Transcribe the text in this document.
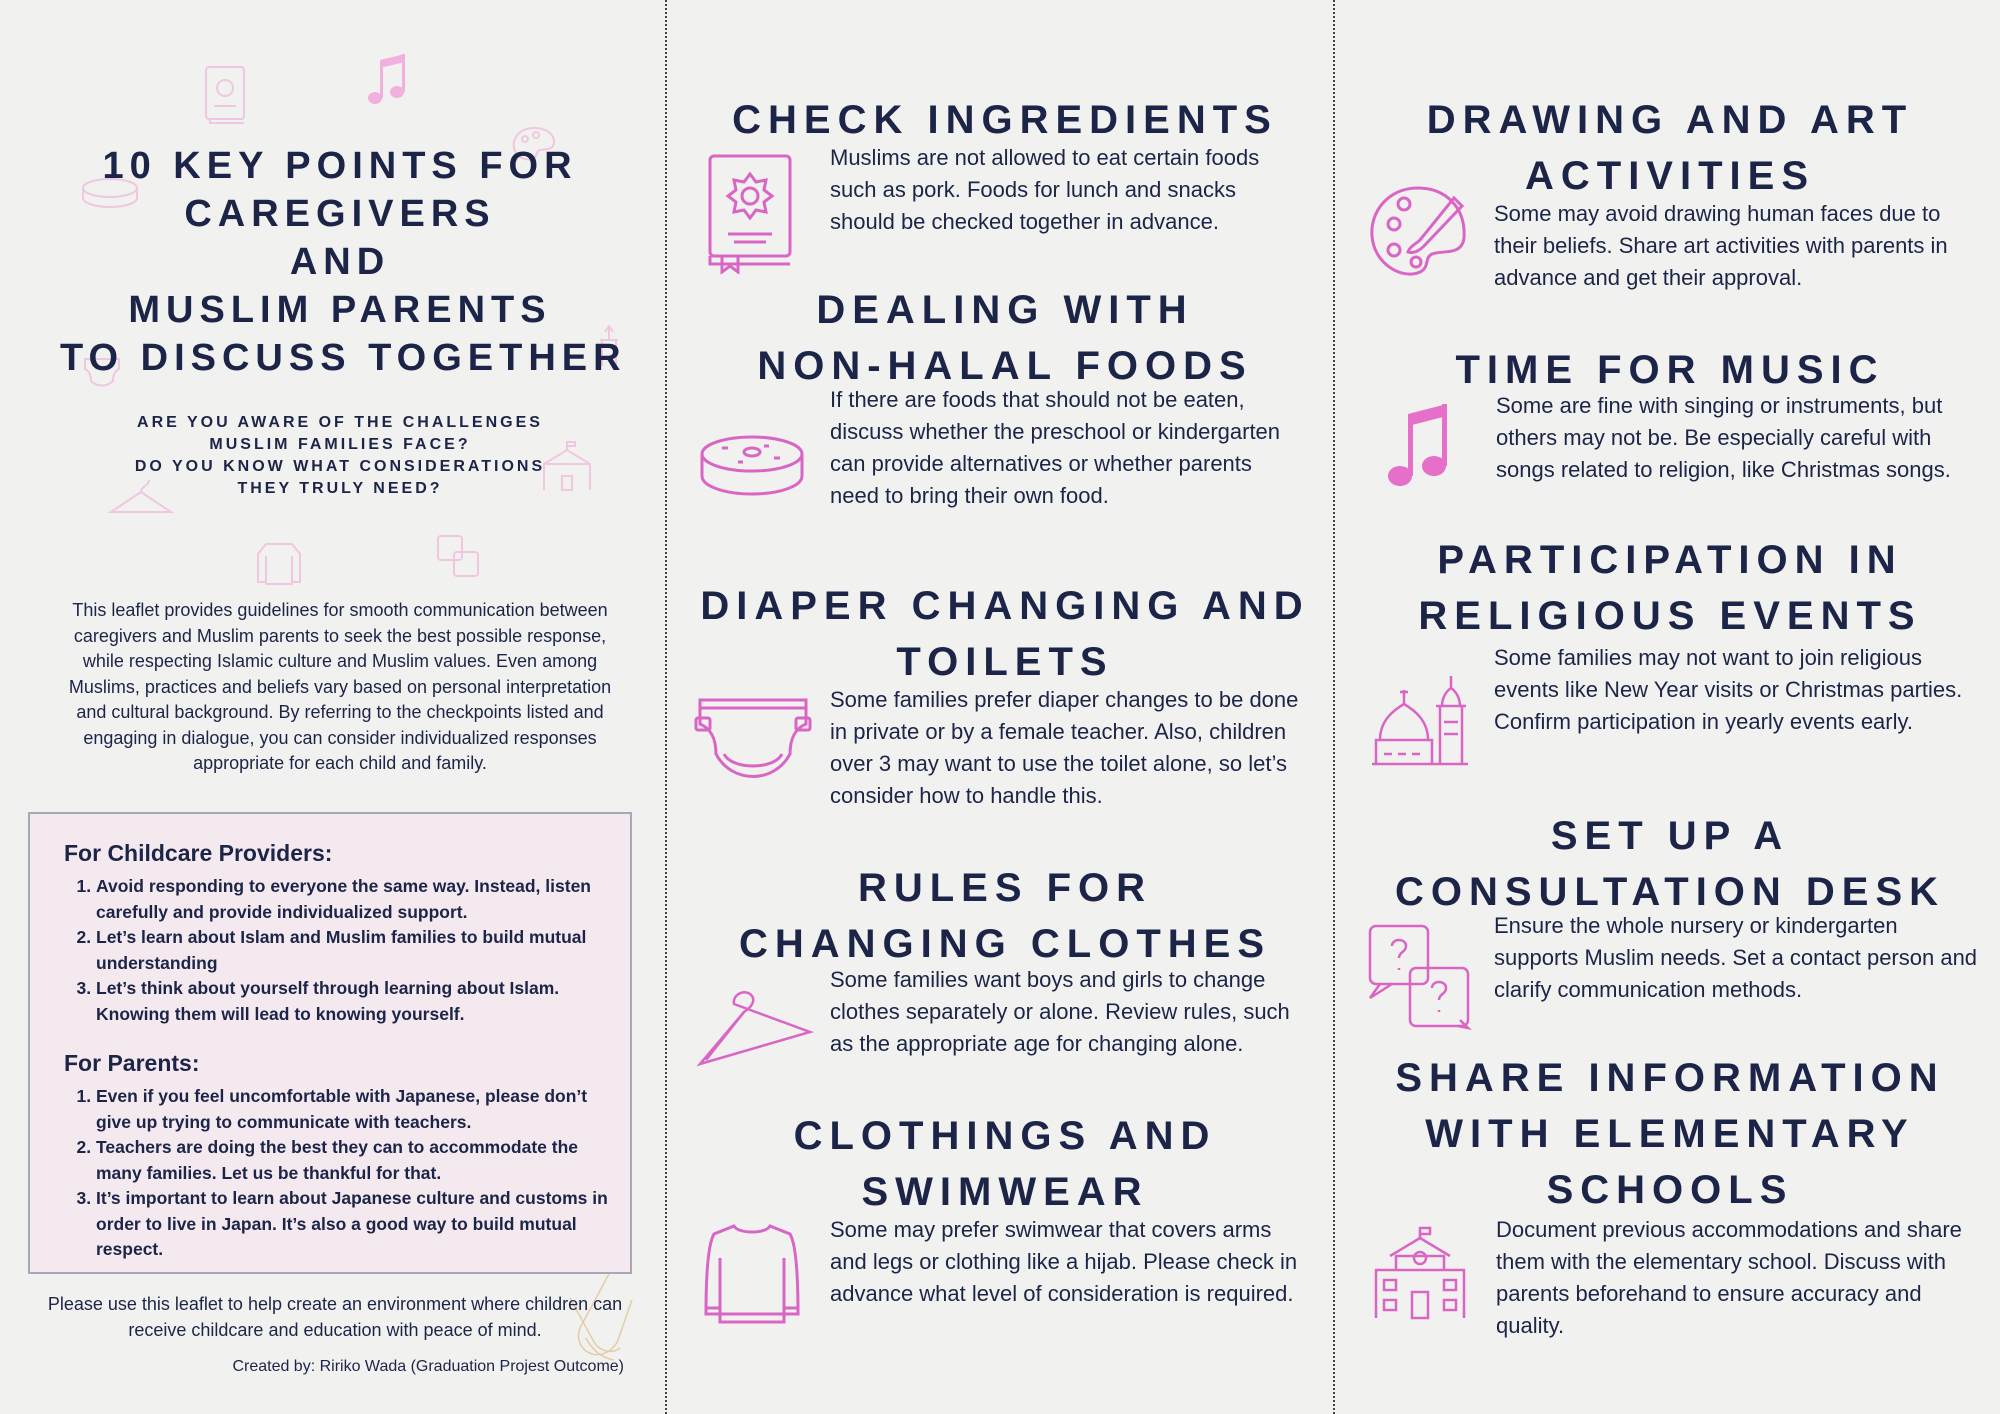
10 KEY POINTS FOR
CAREGIVERS
AND
MUSLIM PARENTS
TO DISCUSS TOGETHER
ARE YOU AWARE OF THE CHALLENGES
MUSLIM FAMILIES FACE?
DO YOU KNOW WHAT CONSIDERATIONS
THEY TRULY NEED?
This leaflet provides guidelines for smooth communication between caregivers and Muslim parents to seek the best possible response, while respecting Islamic culture and Muslim values. Even among Muslims, practices and beliefs vary based on personal interpretation and cultural background. By referring to the checkpoints listed and engaging in dialogue, you can consider individualized responses appropriate for each child and family.
For Childcare Providers:
1. Avoid responding to everyone the same way. Instead, listen carefully and provide individualized support.
2. Let’s learn about Islam and Muslim families to build mutual understanding
3. Let’s think about yourself through learning about Islam. Knowing them will lead to knowing yourself.
For Parents:
1. Even if you feel uncomfortable with Japanese, please don’t give up trying to communicate with teachers.
2. Teachers are doing the best they can to accommodate the many families. Let us be thankful for that.
3. It’s important to learn about Japanese culture and customs in order to live in Japan. It’s also a good way to build mutual respect.
Please use this leaflet to help create an environment where children can receive childcare and education with peace of mind.
Created by: Ririko Wada (Graduation Projest Outcome)
CHECK INGREDIENTS
Muslims are not allowed to eat certain foods such as pork. Foods for lunch and snacks should be checked together in advance.
DEALING WITH
NON-HALAL FOODS
If there are foods that should not be eaten, discuss whether the preschool or kindergarten can provide alternatives or whether parents need to bring their own food.
DIAPER CHANGING AND
TOILETS
Some families prefer diaper changes to be done in private or by a female teacher. Also, children over 3 may want to use the toilet alone, so let’s consider how to handle this.
RULES FOR
CHANGING CLOTHES
Some families want boys and girls to change clothes separately or alone. Review rules, such as the appropriate age for changing alone.
CLOTHINGS AND
SWIMWEAR
Some may prefer swimwear that covers arms and legs or clothing like a hijab. Please check in advance what level of consideration is required.
DRAWING AND ART
ACTIVITIES
Some may avoid drawing human faces due to their beliefs. Share art activities with parents in advance and get their approval.
TIME FOR MUSIC
Some are fine with singing or instruments, but others may not be. Be especially careful with songs related to religion, like Christmas songs.
PARTICIPATION IN
RELIGIOUS EVENTS
Some families may not want to join religious events like New Year visits or Christmas parties. Confirm participation in yearly events early.
SET UP A
CONSULTATION DESK
Ensure the whole nursery or kindergarten supports Muslim needs. Set a contact person and clarify communication methods.
SHARE INFORMATION
WITH ELEMENTARY
SCHOOLS
Document previous accommodations and share them with the elementary school. Discuss with parents beforehand to ensure accuracy and quality.
